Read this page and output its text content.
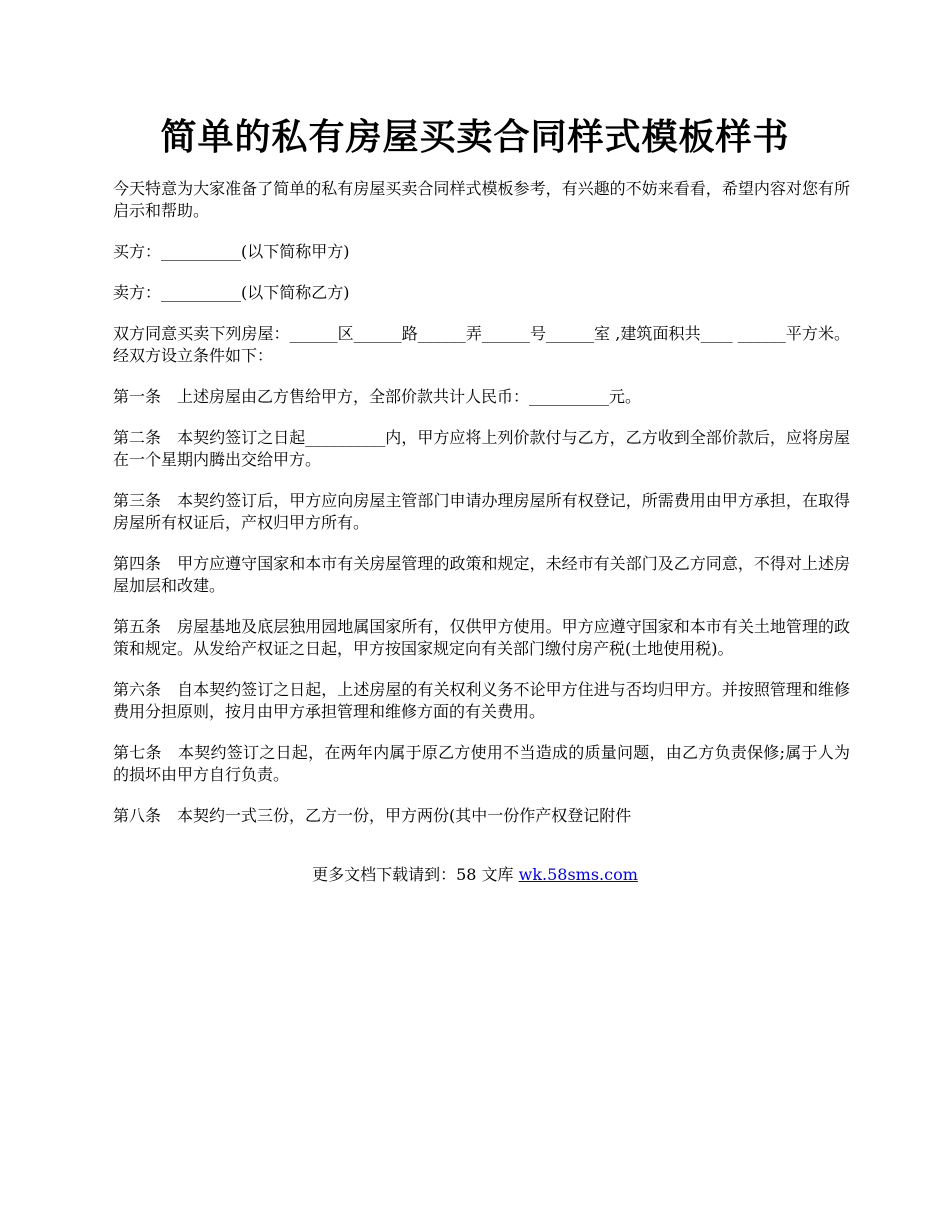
简单的私有房屋买卖合同样式模板样书

今天特意为大家准备了简单的私有房屋买卖合同样式模板参考，有兴趣的不妨来看看，希望内容对您有所启示和帮助。

买方：__________(以下简称甲方)

卖方：__________(以下简称乙方)

双方同意买卖下列房屋：______区______路______弄______号______室 ,建筑面积共____ ______平方米。 经双方设立条件如下：

第一条　上述房屋由乙方售给甲方，全部价款共计人民币：__________元。

第二条　本契约签订之日起__________内，甲方应将上列价款付与乙方，乙方收到全部价款后，应将房屋在一个星期内腾出交给甲方。

第三条　本契约签订后，甲方应向房屋主管部门申请办理房屋所有权登记，所需费用由甲方承担，在取得房屋所有权证后，产权归甲方所有。

第四条　甲方应遵守国家和本市有关房屋管理的政策和规定，未经市有关部门及乙方同意，不得对上述房屋加层和改建。

第五条　房屋基地及底层独用园地属国家所有，仅供甲方使用。甲方应遵守国家和本市有关土地管理的政策和规定。从发给产权证之日起，甲方按国家规定向有关部门缴付房产税(土地使用税)。

第六条　自本契约签订之日起，上述房屋的有关权利义务不论甲方住进与否均归甲方。并按照管理和维修费用分担原则，按月由甲方承担管理和维修方面的有关费用。

第七条　本契约签订之日起，在两年内属于原乙方使用不当造成的质量问题，由乙方负责保修;属于人为的损坏由甲方自行负责。

第八条　本契约一式三份，乙方一份，甲方两份(其中一份作产权登记附件

更多文档下载请到：58 文库 wk.58sms.com
